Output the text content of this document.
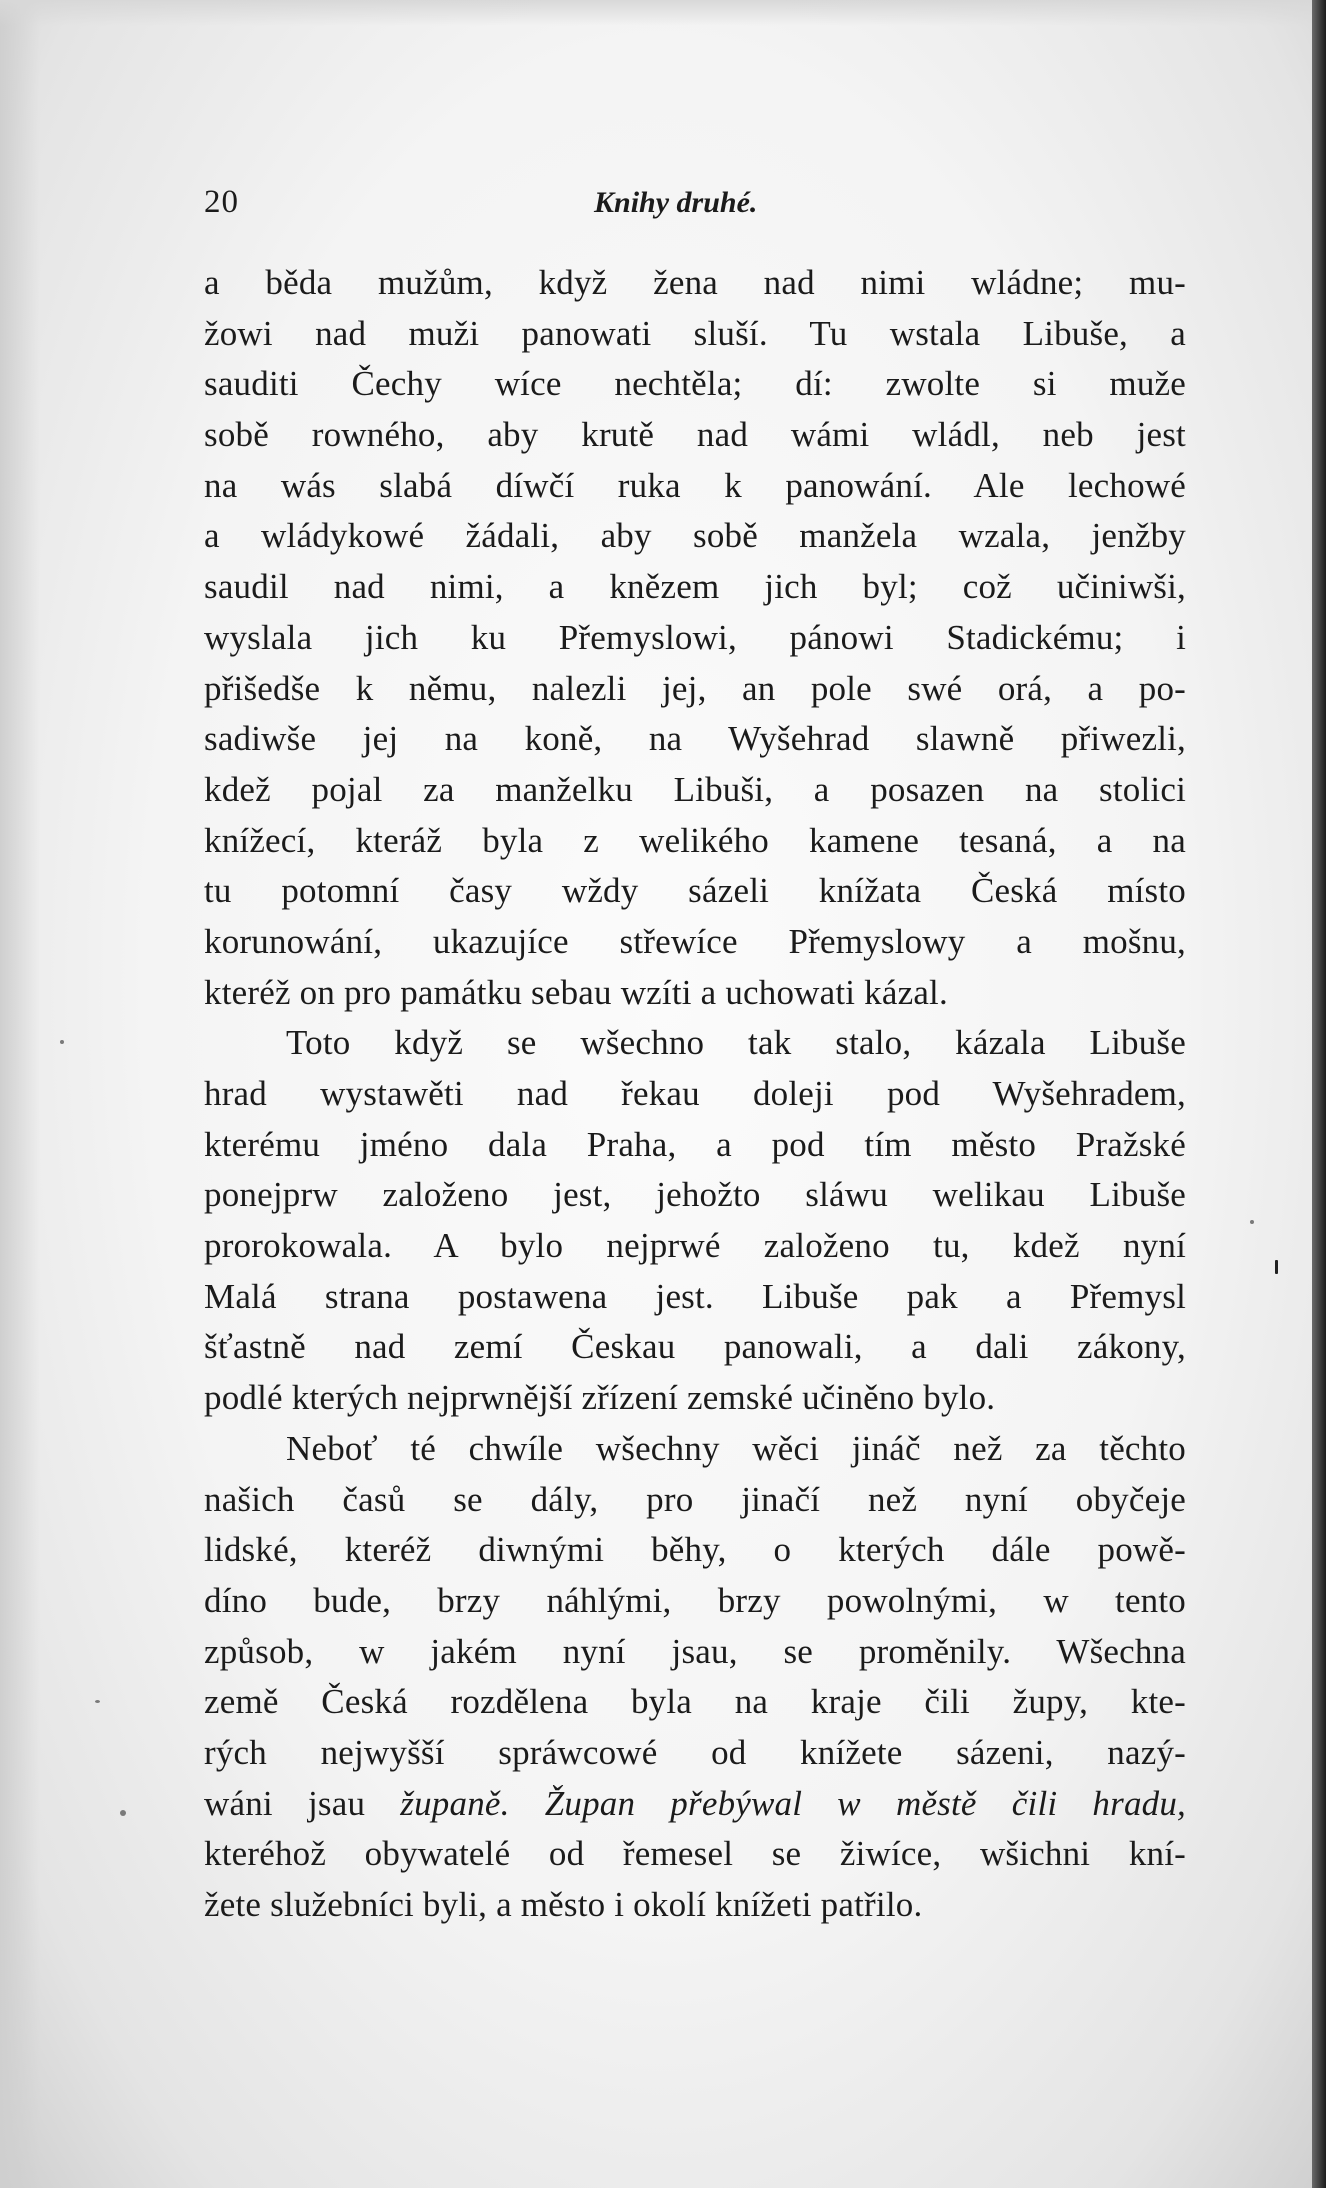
20	Knihy druhé.
a běda mužům, když žena nad nimi wládne; mu-
žowi nad muži panowati sluší. Tu wstala Libuše, a
sauditi Čechy wíce nechtěla; dí: zwolte si muže
sobě rowného, aby krutě nad wámi wládl, neb jest
na wás slabá díwčí ruka k panowání. Ale lechowé
a wládykowé žádali, aby sobě manžela wzala, jenžby
saudil nad nimi, a knězem jich byl; což učiniwši,
wyslala jich ku Přemyslowi, pánowi Stadickému; i
přišedše k němu, nalezli jej, an pole swé orá, a po-
sadiwše jej na koně, na Wyšehrad slawně přiwezli,
kdež pojal za manželku Libuši, a posazen na stolici
knížecí, kteráž byla z welikého kamene tesaná, a na
tu potomní časy wždy sázeli knížata Česká místo
korunowání, ukazujíce střewíce Přemyslowy a mošnu,
kteréž on pro památku sebau wzíti a uchowati kázal.
Toto když se wšechno tak stalo, kázala Libuše
hrad wystawěti nad řekau doleji pod Wyšehradem,
kterému jméno dala Praha, a pod tím město Pražské
ponejprw založeno jest, jehožto sláwu welikau Libuše
prorokowala. A bylo nejprwé založeno tu, kdež nyní
Malá strana postawena jest. Libuše pak a Přemysl
šťastně nad zemí Českau panowali, a dali zákony,
podlé kterých nejprwnější zřízení zemské učiněno bylo.
Neboť té chwíle wšechny wěci jináč než za těchto
našich časů se dály, pro jinačí než nyní obyčeje
lidské, kteréž diwnými běhy, o kterých dále powě-
díno bude, brzy náhlými, brzy powolnými, w tento
způsob, w jakém nyní jsau, se proměnily. Wšechna
země Česká rozdělena byla na kraje čili župy, kte-
rých nejwyšší spráwcowé od knížete sázeni, nazý-
wáni jsau županě. Župan přebýwal w městě čili hradu,
kteréhož obywatelé od řemesel se žiwíce, wšichni kní-
žete služebníci byli, a město i okolí knížeti patřilo.
